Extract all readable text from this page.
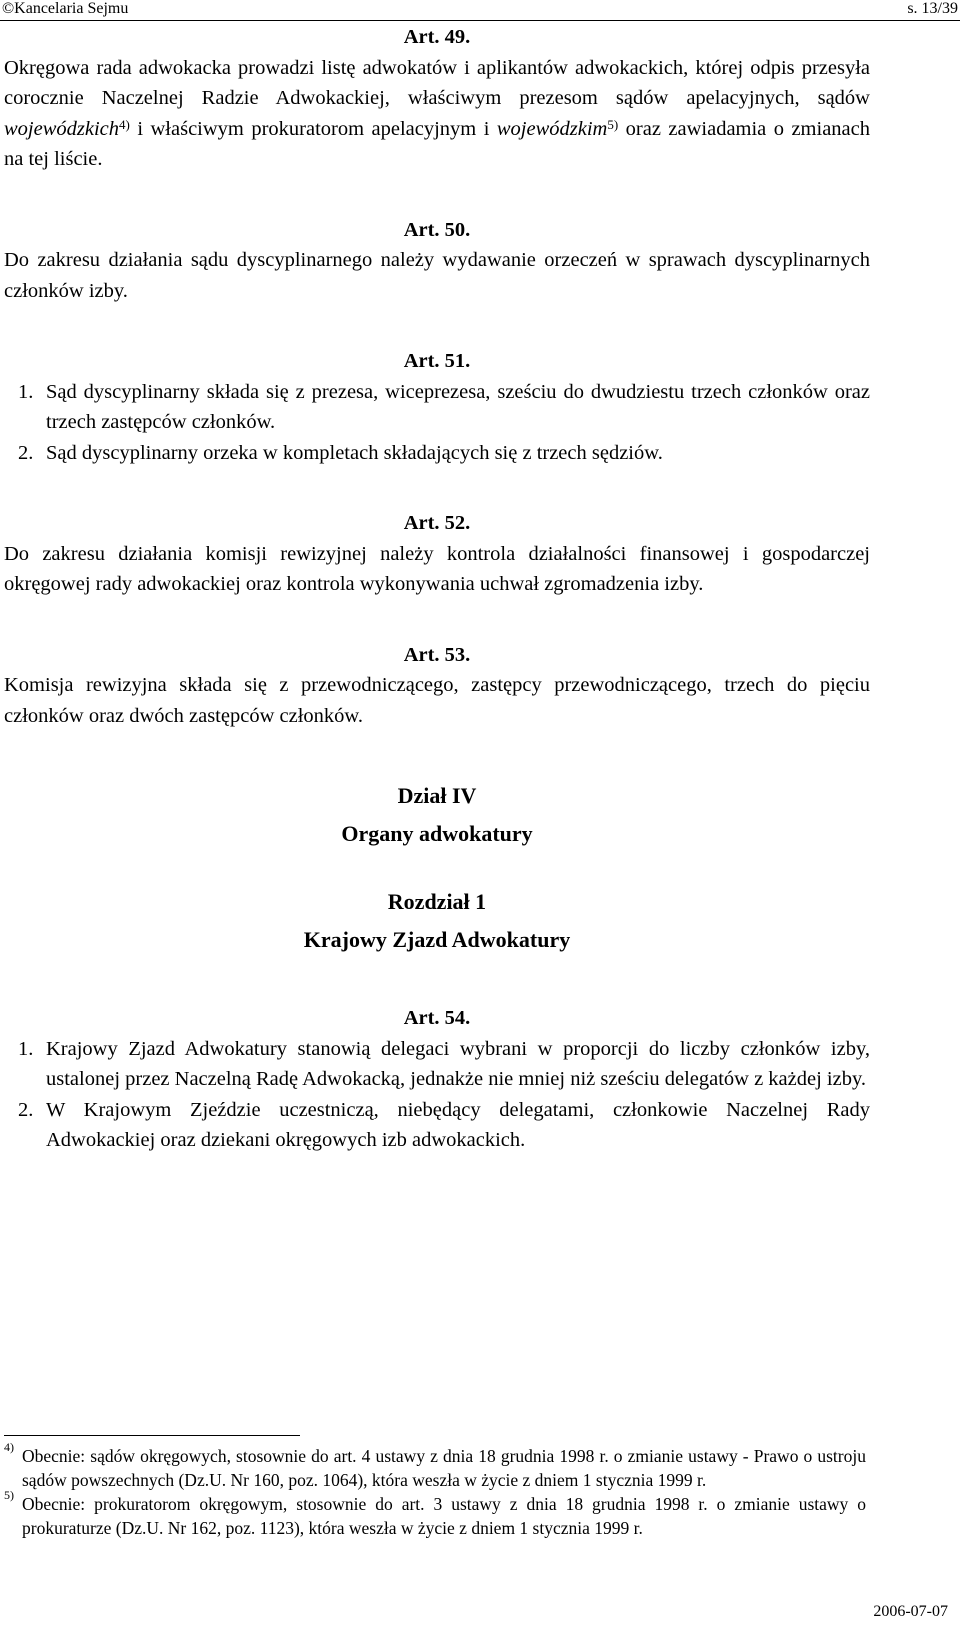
©Kancelaria Sejmu	s. 13/39

Art. 49.

Okręgowa rada adwokacka prowadzi listę adwokatów i aplikantów adwokackich, której odpis przesyła corocznie Naczelnej Radzie Adwokackiej, właściwym prezesom sądów apelacyjnych, sądów wojewódzkich$^{4)}$ i właściwym prokuratorom apelacyjnym i wojewódzkim$^{5)}$ oraz zawiadamia o zmianach na tej liście.

Art. 50.

Do zakresu działania sądu dyscyplinarnego należy wydawanie orzeczeń w sprawach dyscyplinarnych członków izby.

Art. 51.

1. Sąd dyscyplinarny składa się z prezesa, wiceprezesa, sześciu do dwudziestu trzech członków oraz trzech zastępców członków.

2. Sąd dyscyplinarny orzeka w kompletach składających się z trzech sędziów.

Art. 52.

Do zakresu działania komisji rewizyjnej należy kontrola działalności finansowej i gospodarczej okręgowej rady adwokackiej oraz kontrola wykonywania uchwał zgromadzenia izby.

Art. 53.

Komisja rewizyjna składa się z przewodniczącego, zastępcy przewodniczącego, trzech do pięciu członków oraz dwóch zastępców członków.

Dział IV

Organy adwokatury

Rozdział 1

Krajowy Zjazd Adwokatury

Art. 54.

1. Krajowy Zjazd Adwokatury stanowią delegaci wybrani w proporcji do liczby członków izby, ustalonej przez Naczelną Radę Adwokacką, jednakże nie mniej niż sześciu delegatów z każdej izby.

2. W Krajowym Zjeździe uczestniczą, niebędący delegatami, członkowie Naczelnej Rady Adwokackiej oraz dziekani okręgowych izb adwokackich.

4) Obecnie: sądów okręgowych, stosownie do art. 4 ustawy z dnia 18 grudnia 1998 r. o zmianie ustawy - Prawo o ustroju sądów powszechnych (Dz.U. Nr 160, poz. 1064), która weszła w życie z dniem 1 stycznia 1999 r.

5) Obecnie: prokuratorom okręgowym, stosownie do art. 3 ustawy z dnia 18 grudnia 1998 r. o zmianie ustawy o prokuraturze (Dz.U. Nr 162, poz. 1123), która weszła w życie z dniem 1 stycznia 1999 r.

2006-07-07
